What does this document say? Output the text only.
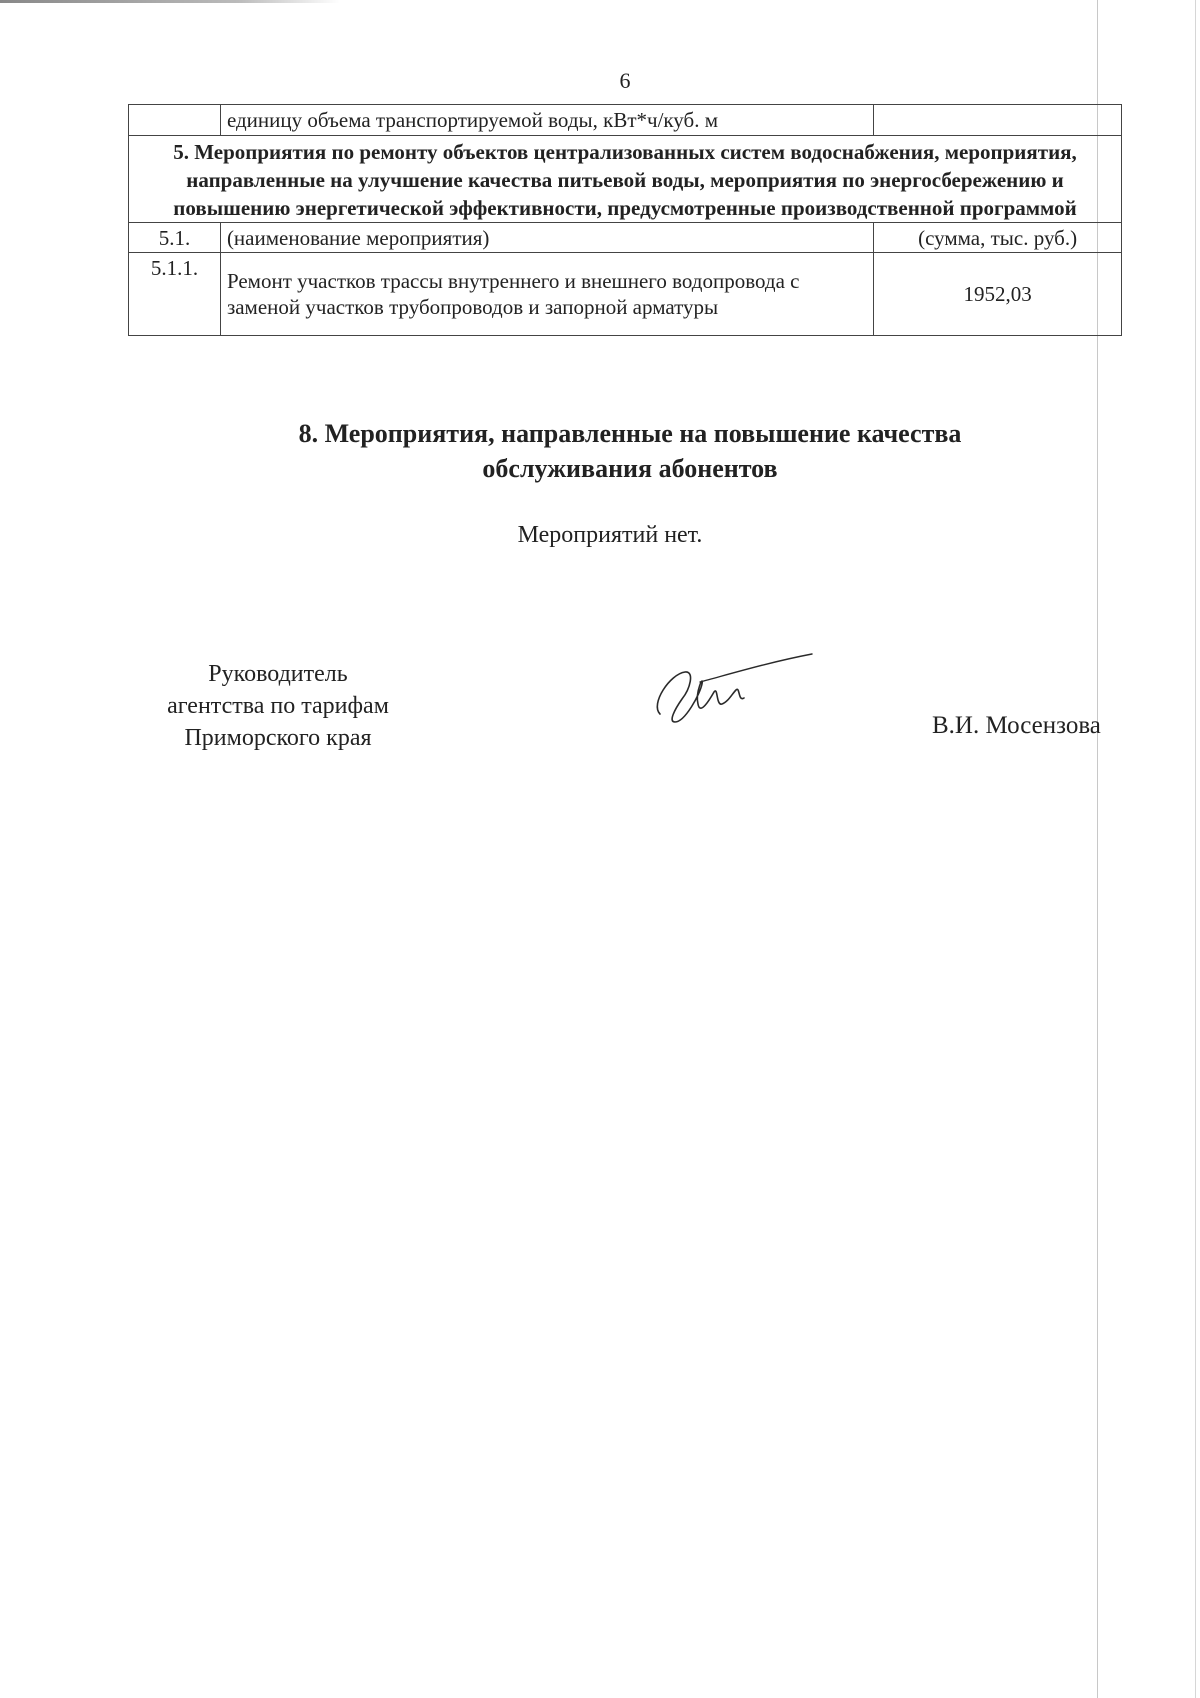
6
	единицу объема транспортируемой воды, кВт*ч/куб. м	
5. Мероприятия по ремонту объектов централизованных систем водоснабжения, мероприятия, направленные на улучшение качества питьевой воды, мероприятия по энергосбережению и повышению энергетической эффективности, предусмотренные производственной программой		
5.1.	(наименование мероприятия)	(сумма, тыс. руб.)
5.1.1.	Ремонт участков трассы внутреннего и внешнего водопровода с заменой участков трубопроводов и запорной арматуры	1952,03
8. Мероприятия, направленные на повышение качества обслуживания абонентов
Мероприятий нет.
Руководитель
агентства по тарифам
Приморского края	В.И. Мосензова
